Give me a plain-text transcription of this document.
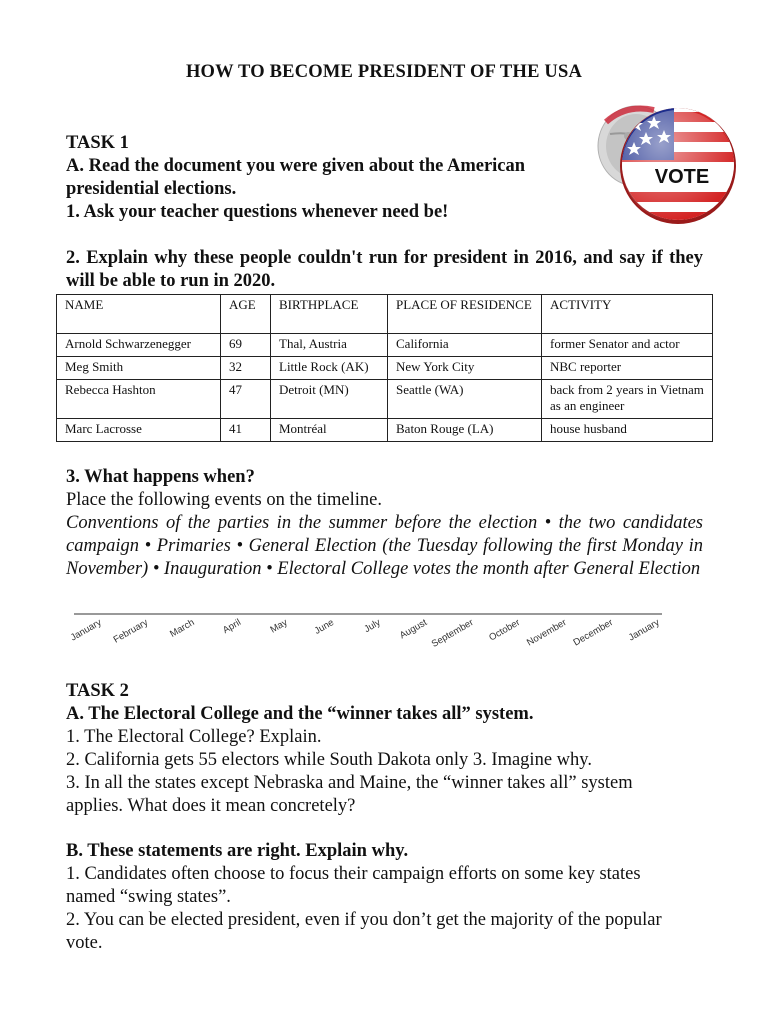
HOW TO BECOME PRESIDENT OF THE USA
VOTE
TASK 1
A. Read the document you were given about the American presidential elections.
1. Ask your teacher questions whenever need be!
2. Explain why these people couldn't run for president in 2016, and say if they will be able to run in 2020.
NAME	AGE	BIRTHPLACE	PLACE OF RESIDENCE	ACTIVITY
Arnold Schwarzenegger	69	Thal, Austria	California	former Senator and actor
Meg Smith	32	Little Rock (AK)	New York City	NBC reporter
Rebecca Hashton	47	Detroit (MN)	Seattle (WA)	back from 2 years in Vietnam as an engineer
Marc Lacrosse	41	Montréal	Baton Rouge (LA)	house husband
3. What happens when?
Place the following events on the timeline.
Conventions of the parties in the summer before the election • the two candidates campaign • Primaries • General Election (the Tuesday following the first Monday in November) • Inauguration • Electoral College votes the month after General Election
January February March	April	May June	July August September October November December January
TASK 2
A. The Electoral College and the “winner takes all” system.
1. The Electoral College? Explain.
2. California gets 55 electors while South Dakota only 3. Imagine why.
3. In all the states except Nebraska and Maine, the “winner takes all” system applies. What does it mean concretely?
B. These statements are right. Explain why.
1. Candidates often choose to focus their campaign efforts on some key states named “swing states”.
2. You can be elected president, even if you don’t get the majority of the popular vote.
